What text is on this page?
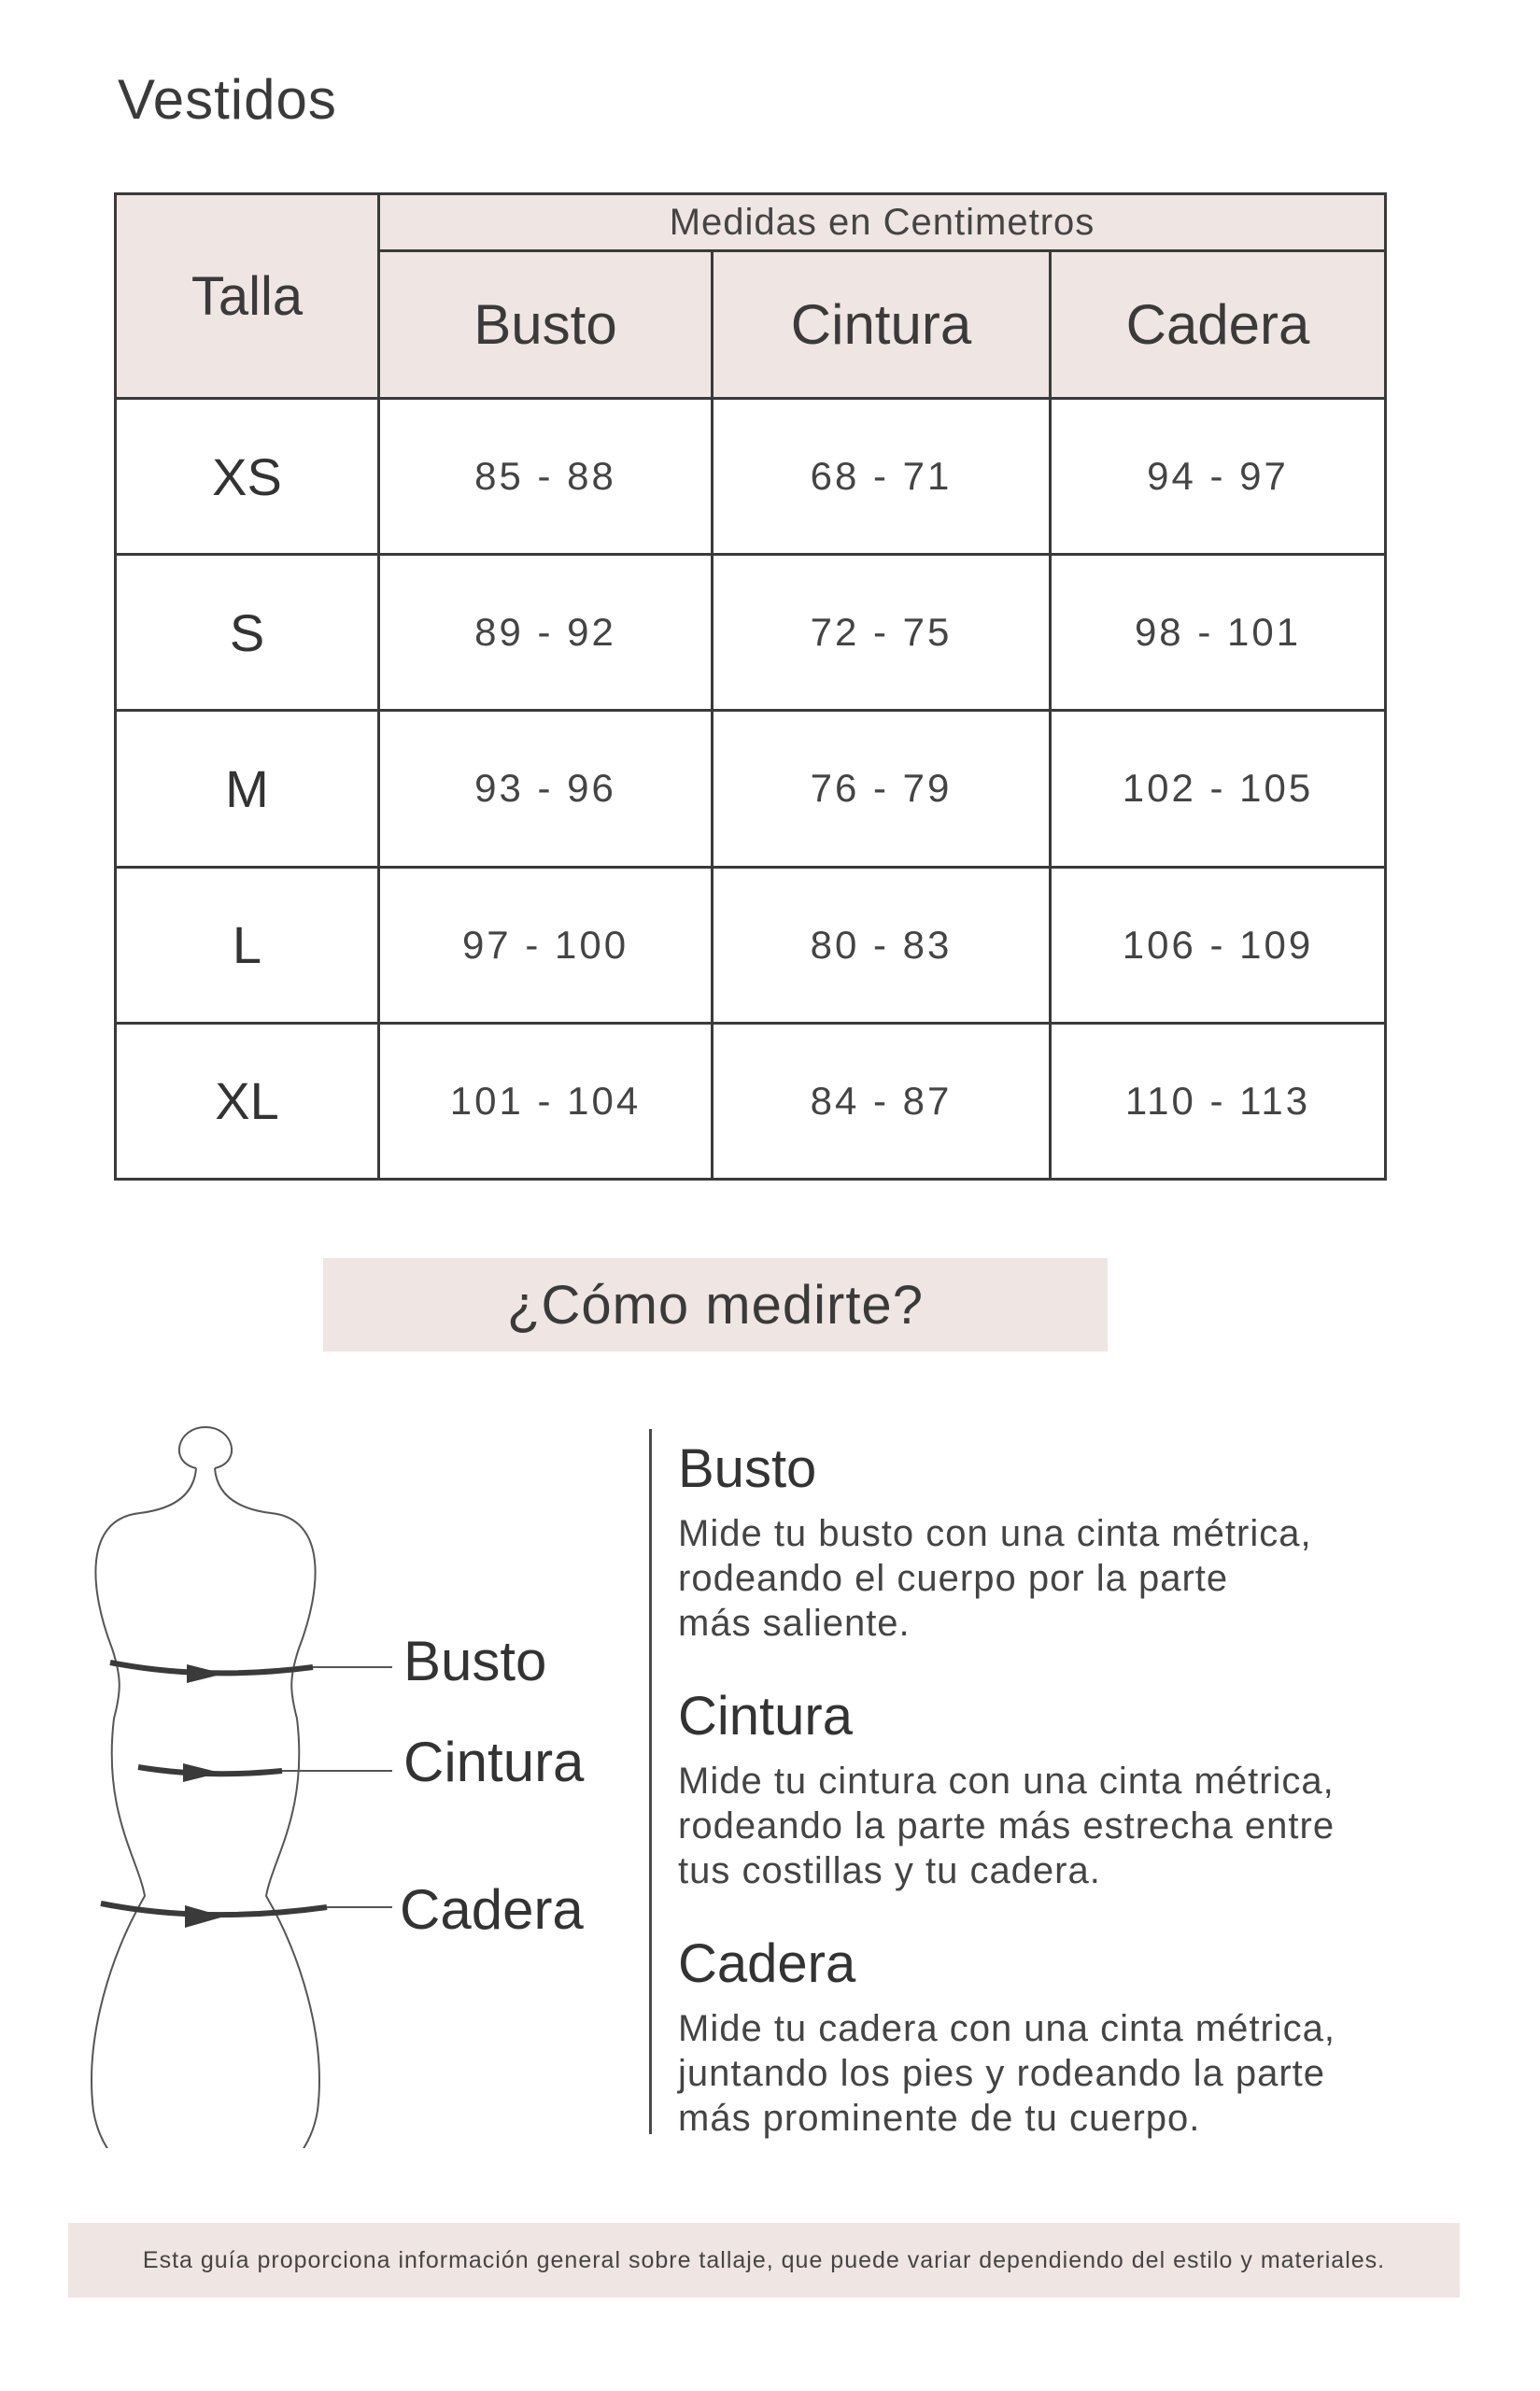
Vestidos
Talla	Medidas en Centimetros		
	Busto	Cintura	Cadera
XS	85 - 88	68 - 71	94 - 97
S	89 - 92	72 - 75	98 - 101
M	93 - 96	76 - 79	102 - 105
L	97 - 100	80 - 83	106 - 109
XL	101 - 104	84 - 87	110 - 113
¿Cómo medirte?
Busto
Cintura
Cadera
Busto

Mide tu busto con una cinta métrica,
rodeando el cuerpo por la parte
más saliente.

Cintura

Mide tu cintura con una cinta métrica,
rodeando la parte más estrecha entre
tus costillas y tu cadera.

Cadera

Mide tu cadera con una cinta métrica,
juntando los pies y rodeando la parte
más prominente de tu cuerpo.

Esta guía proporciona información general sobre tallaje, que puede variar dependiendo del estilo y materiales.
